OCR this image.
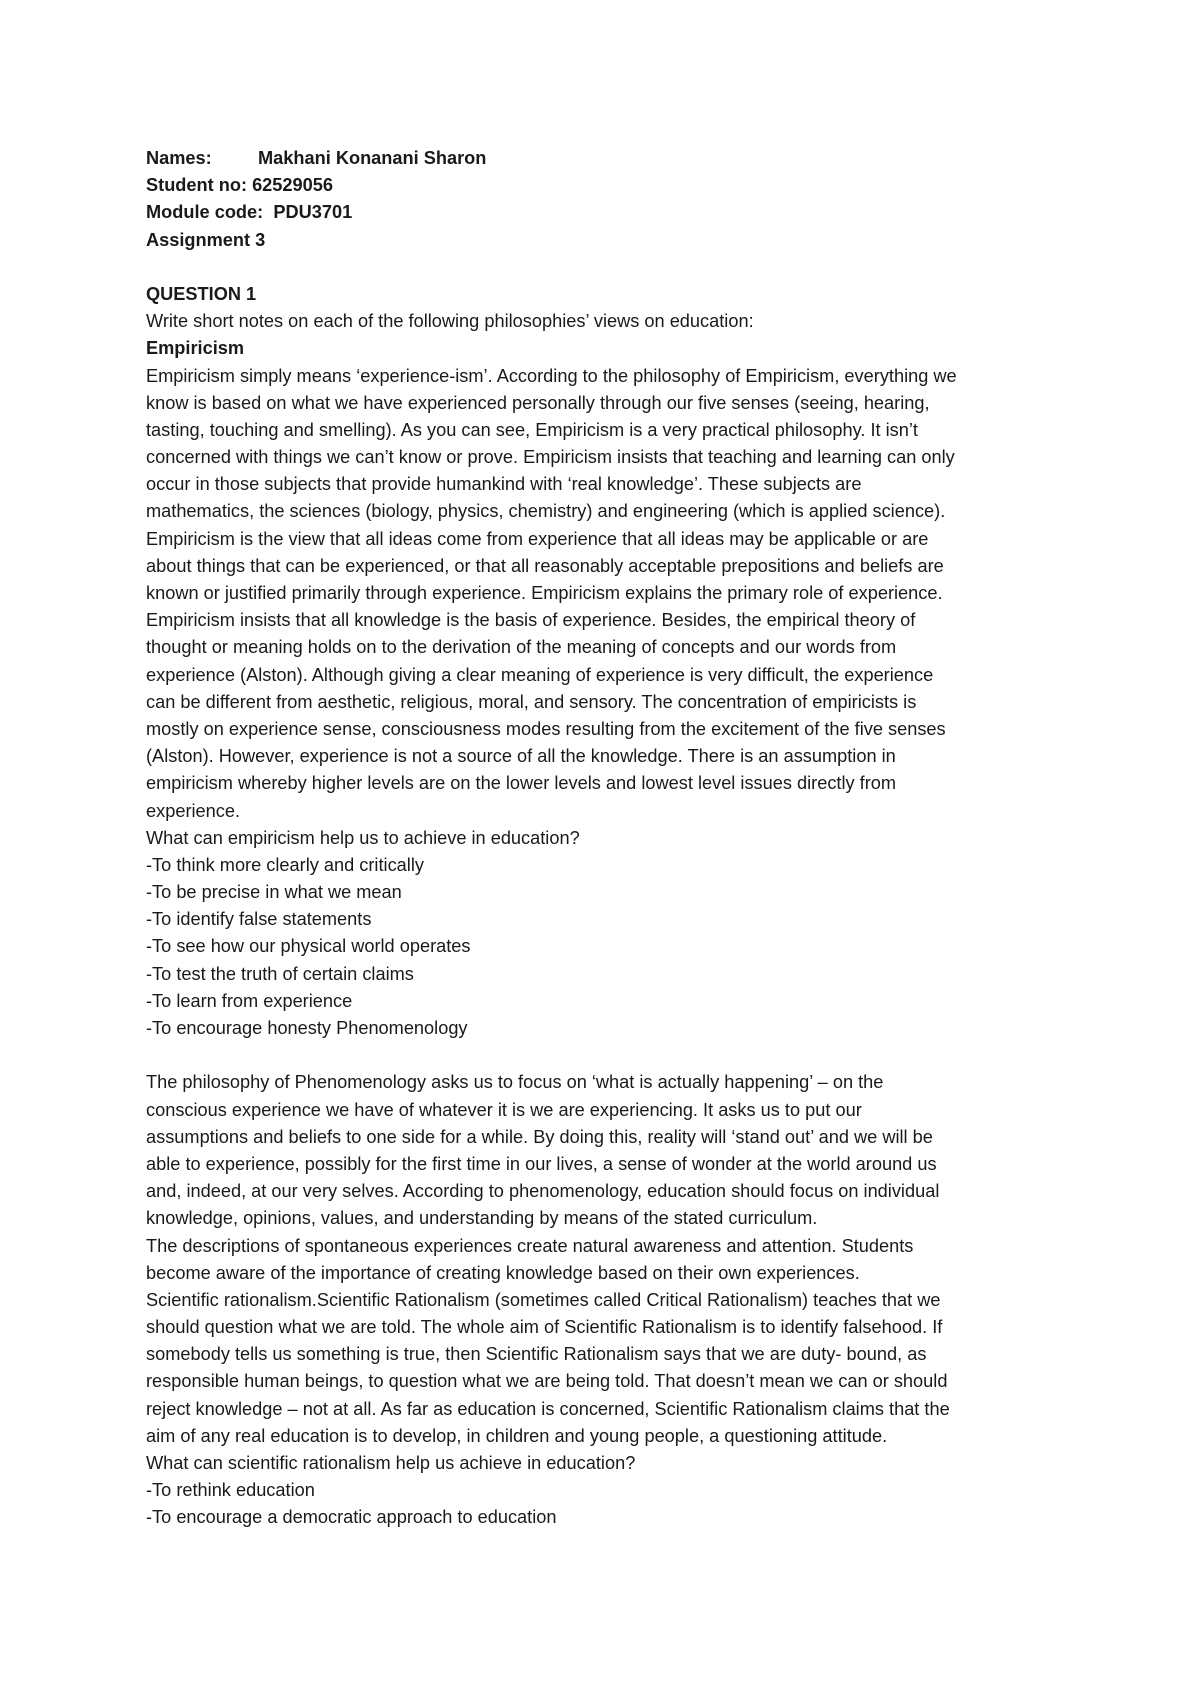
Names:	Makhani Konanani Sharon
Student no: 62529056
Module code: PDU3701
Assignment 3
QUESTION 1
Write short notes on each of the following philosophies’ views on education:
Empiricism
Empiricism simply means ‘experience-ism’. According to the philosophy of Empiricism, everything we
know is based on what we have experienced personally through our five senses (seeing, hearing,
tasting, touching and smelling). As you can see, Empiricism is a very practical philosophy. It isn’t
concerned with things we can’t know or prove. Empiricism insists that teaching and learning can only
occur in those subjects that provide humankind with ‘real knowledge’. These subjects are
mathematics, the sciences (biology, physics, chemistry) and engineering (which is applied science).
Empiricism is the view that all ideas come from experience that all ideas may be applicable or are
about things that can be experienced, or that all reasonably acceptable prepositions and beliefs are
known or justified primarily through experience. Empiricism explains the primary role of experience.
Empiricism insists that all knowledge is the basis of experience. Besides, the empirical theory of
thought or meaning holds on to the derivation of the meaning of concepts and our words from
experience (Alston). Although giving a clear meaning of experience is very difficult, the experience
can be different from aesthetic, religious, moral, and sensory. The concentration of empiricists is
mostly on experience sense, consciousness modes resulting from the excitement of the five senses
(Alston). However, experience is not a source of all the knowledge. There is an assumption in
empiricism whereby higher levels are on the lower levels and lowest level issues directly from
experience.
What can empiricism help us to achieve in education?
-To think more clearly and critically
-To be precise in what we mean
-To identify false statements
-To see how our physical world operates
-To test the truth of certain claims
-To learn from experience
-To encourage honesty Phenomenology
The philosophy of Phenomenology asks us to focus on ‘what is actually happening’ – on the
conscious experience we have of whatever it is we are experiencing. It asks us to put our
assumptions and beliefs to one side for a while. By doing this, reality will ‘stand out’ and we will be
able to experience, possibly for the first time in our lives, a sense of wonder at the world around us
and, indeed, at our very selves. According to phenomenology, education should focus on individual
knowledge, opinions, values, and understanding by means of the stated curriculum.
The descriptions of spontaneous experiences create natural awareness and attention. Students
become aware of the importance of creating knowledge based on their own experiences.
Scientific rationalism.Scientific Rationalism (sometimes called Critical Rationalism) teaches that we
should question what we are told. The whole aim of Scientific Rationalism is to identify falsehood. If
somebody tells us something is true, then Scientific Rationalism says that we are duty- bound, as
responsible human beings, to question what we are being told. That doesn’t mean we can or should
reject knowledge – not at all. As far as education is concerned, Scientific Rationalism claims that the
aim of any real education is to develop, in children and young people, a questioning attitude.
What can scientific rationalism help us achieve in education?
-To rethink education
-To encourage a democratic approach to education
